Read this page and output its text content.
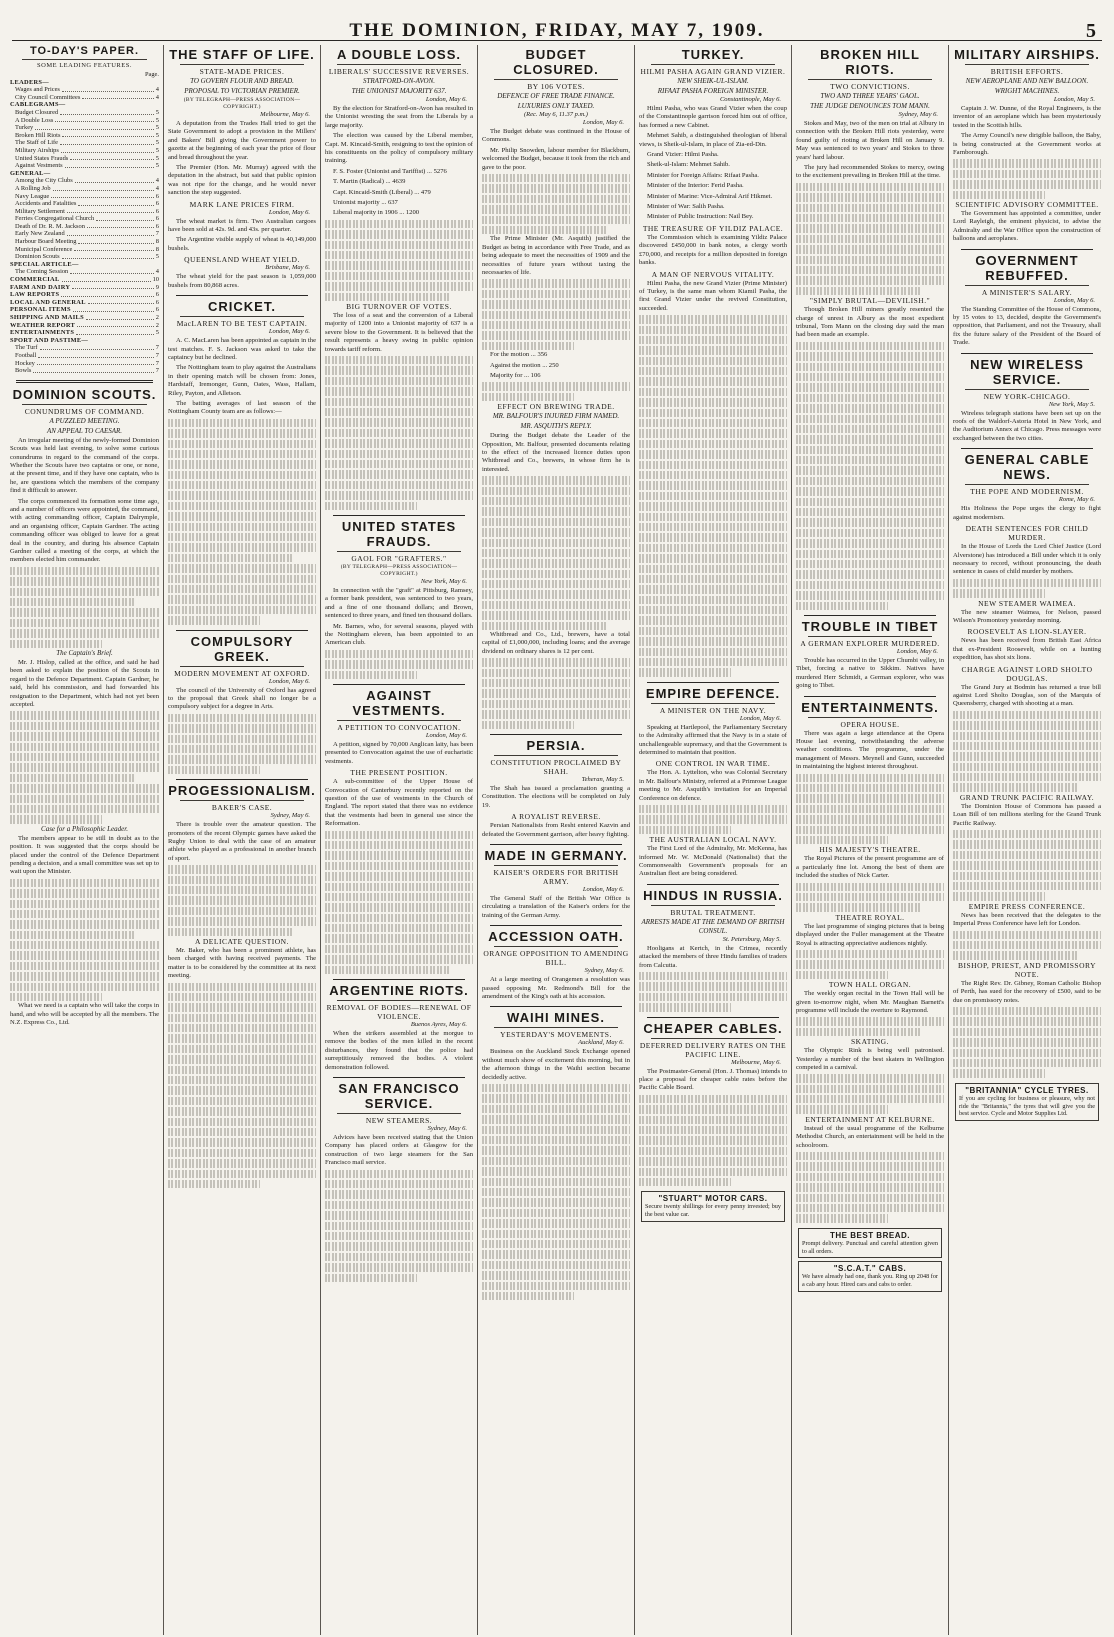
THE DOMINION, FRIDAY, MAY 7, 1909.	5
TO-DAY'S PAPER.
SOME LEADING FEATURES.
Page.
LEADERS—
Wages and Prices	4
City Council Committees	4
CABLEGRAMS—
Budget Closured	5
A Double Loss	5
Turkey	5
Broken Hill Riots	5
The Staff of Life	5
Military Airships	5
United States Frauds	5
Against Vestments	5
GENERAL—
Among the City Clubs	4
A Rolling Job	4
Navy League	6
Accidents and Fatalities	6
Military Settlement	6
Ferries Congregational Church	6
Death of Dr. R. M. Jackson	6
Early New Zealand	7
Harbour Board Meeting	8
Municipal Conference	8
Dominion Scouts	5
SPECIAL ARTICLE—
The Coming Session	4
COMMERCIAL	10
FARM AND DAIRY	9
LAW REPORTS	6
LOCAL AND GENERAL	6
PERSONAL ITEMS	6
SHIPPING AND MAILS	2
WEATHER REPORT	2
ENTERTAINMENTS	5
SPORT AND PASTIME—
The Turf	7
Football	7
Hockey	7
Bowls	7
DOMINION SCOUTS.
CONUNDRUMS OF COMMAND.
A PUZZLED MEETING.
AN APPEAL TO CAESAR.
An irregular meeting of the newly-formed Dominion Scouts was held last evening, to solve some curious conundrums in regard to the command of the corps. Whether the Scouts have two captains or one, or none, at the present time, and if they have one captain, who is he, are questions which the members of the company find it difficult to answer.
The corps commenced its formation some time ago, and a number of officers were appointed, the command, with acting commanding officer, Captain Dalrymple, and an organising officer, Captain Gardner. The acting commanding officer was obliged to leave for a great deal in the country, and during his absence Captain Gardner called a meeting of the corps, at which the members elected him commander.
The Captain's Brief.
Mr. J. Hislop, called at the office, and said he had been asked to explain the position of the Scouts in regard to the Defence Department. Captain Gardner, he said, held his commission, and had forwarded his resignation to the Department, which had not yet been accepted.
Case for a Philosophic Leader.
The members appear to be still in doubt as to the position. It was suggested that the corps should be placed under the control of the Defence Department pending a decision, and a small committee was set up to wait upon the Minister.
What we need is a captain who will take the corps in hand, and who will be accepted by all the members. The N.Z. Express Co., Ltd.
THE STAFF OF LIFE.
STATE-MADE PRICES.
TO GOVERN FLOUR AND BREAD.
PROPOSAL TO VICTORIAN PREMIER.
(BY TELEGRAPH—PRESS ASSOCIATION—COPYRIGHT.)
Melbourne, May 6.
A deputation from the Trades Hall tried to get the State Government to adopt a provision in the Millers' and Bakers' Bill giving the Government power to gazette at the beginning of each year the price of flour and bread throughout the year.
The Premier (Hon. Mr. Murray) agreed with the deputation in the abstract, but said that public opinion was not ripe for the change, and he would never sanction the step suggested.
MARK LANE PRICES FIRM.
London, May 6.
The wheat market is firm. Two Australian cargoes have been sold at 42s. 9d. and 43s. per quarter.
The Argentine visible supply of wheat is 40,149,000 bushels.
QUEENSLAND WHEAT YIELD.
Brisbane, May 6.
The wheat yield for the past season is 1,059,000 bushels from 80,868 acres.
CRICKET.
MacLAREN TO BE TEST CAPTAIN.
London, May 6.
A. C. MacLaren has been appointed as captain in the test matches. F. S. Jackson was asked to take the captaincy but he declined.
The Nottingham team to play against the Australians in their opening match will be chosen from: Jones, Hardstaff, Iremonger, Gunn, Oates, Wass, Hallam, Riley, Payton, and Alletson.
The batting averages of last season of the Nottingham County team are as follows:—
COMPULSORY GREEK.
MODERN MOVEMENT AT OXFORD.
London, May 6.
The council of the University of Oxford has agreed to the proposal that Greek shall no longer be a compulsory subject for a degree in Arts.
PROGESSIONALISM.
BAKER'S CASE.
Sydney, May 6.
There is trouble over the amateur question. The promoters of the recent Olympic games have asked the Rugby Union to deal with the case of an amateur athlete who played as a professional in another branch of sport.
A DELICATE QUESTION.
Mr. Baker, who has been a prominent athlete, has been charged with having received payments. The matter is to be considered by the committee at its next meeting.
A DOUBLE LOSS.
LIBERALS' SUCCESSIVE REVERSES.
STRATFORD-ON-AVON.
THE UNIONIST MAJORITY 637.
London, May 6.
By the election for Stratford-on-Avon has resulted in the Unionist wresting the seat from the Liberals by a large majority.
The election was caused by the Liberal member, Capt. M. Kincaid-Smith, resigning to test the opinion of his constituents on the policy of compulsory military training.
F. S. Foster (Unionist and Tariffist) ... 5276
T. Martin (Radical) ... 4639
Capt. Kincaid-Smith (Liberal) ... 479
Unionist majority ... 637
Liberal majority in 1906 ... 1200
BIG TURNOVER OF VOTES.
The loss of a seat and the conversion of a Liberal majority of 1200 into a Unionist majority of 637 is a severe blow to the Government. It is believed that the result represents a heavy swing in public opinion towards tariff reform.
UNITED STATES FRAUDS.
GAOL FOR "GRAFTERS."
(BY TELEGRAPH—PRESS ASSOCIATION—COPYRIGHT.)
New York, May 6.
In connection with the "graft" at Pittsburg, Ramsey, a former bank president, was sentenced to two years, and a fine of one thousand dollars; and Brown, sentenced to three years, and fined ten thousand dollars.
Mr. Barnes, who, for several seasons, played with the Nottingham eleven, has been appointed to an American club.
AGAINST VESTMENTS.
A PETITION TO CONVOCATION.
London, May 6.
A petition, signed by 70,000 Anglican laity, has been presented to Convocation against the use of eucharistic vestments.
THE PRESENT POSITION.
A sub-committee of the Upper House of Convocation of Canterbury recently reported on the question of the use of vestments in the Church of England. The report stated that there was no evidence that the vestments had been in general use since the Reformation.
ARGENTINE RIOTS.
REMOVAL OF BODIES—RENEWAL OF VIOLENCE.
Buenos Ayres, May 6.
When the strikers assembled at the morgue to remove the bodies of the men killed in the recent disturbances, they found that the police had surreptitiously removed the bodies. A violent demonstration followed.
SAN FRANCISCO SERVICE.
NEW STEAMERS.
Sydney, May 6.
Advices have been received stating that the Union Company has placed orders at Glasgow for the construction of two large steamers for the San Francisco mail service.
BUDGET CLOSURED.
BY 106 VOTES.
DEFENCE OF FREE TRADE FINANCE.
LUXURIES ONLY TAXED.
(Rec. May 6, 11.37 p.m.)
London, May 6.
The Budget debate was continued in the House of Commons.
Mr. Philip Snowden, labour member for Blackburn, welcomed the Budget, because it took from the rich and gave to the poor.
The Prime Minister (Mr. Asquith) justified the Budget as being in accordance with Free Trade, and as being adequate to meet the necessities of 1909 and the necessities of future years without taxing the necessaries of life.
For the motion ... 356
Against the motion ... 250
Majority for ... 106
EFFECT ON BREWING TRADE.
MR. BALFOUR'S INJURED FIRM NAMED.
MR. ASQUITH'S REPLY.
During the Budget debate the Leader of the Opposition, Mr. Balfour, presented documents relating to the effect of the increased licence duties upon Whitbread and Co., brewers, in whose firm he is interested.
Whitbread and Co., Ltd., brewers, have a total capital of £1,000,000, including loans; and the average dividend on ordinary shares is 12 per cent.
PERSIA.
CONSTITUTION PROCLAIMED BY SHAH.
Teheran, May 5.
The Shah has issued a proclamation granting a Constitution. The elections will be completed on July 19.
A ROYALIST REVERSE.
Persian Nationalists from Resht entered Kazvin and defeated the Government garrison, after heavy fighting.
MADE IN GERMANY.
KAISER'S ORDERS FOR BRITISH ARMY.
London, May 6.
The General Staff of the British War Office is circulating a translation of the Kaiser's orders for the training of the German Army.
ACCESSION OATH.
ORANGE OPPOSITION TO AMENDING BILL.
Sydney, May 6.
At a large meeting of Orangemen a resolution was passed opposing Mr. Redmond's Bill for the amendment of the King's oath at his accession.
WAIHI MINES.
YESTERDAY'S MOVEMENTS.
Auckland, May 6.
Business on the Auckland Stock Exchange opened without much show of excitement this morning, but in the afternoon things in the Waihi section became decidedly active.
TURKEY.
HILMI PASHA AGAIN GRAND VIZIER.
NEW SHEIK-UL-ISLAM.
RIFAAT PASHA FOREIGN MINISTER.
Constantinople, May 6.
Hilmi Pasha, who was Grand Vizier when the coup of the Constantinople garrison forced him out of office, has formed a new Cabinet.
Mehmet Sahib, a distinguished theologian of liberal views, is Sheik-ul-Islam, in place of Zia-ed-Din.
Grand Vizier: Hilmi Pasha.
Sheik-ul-Islam: Mehmet Sahib.
Minister for Foreign Affairs: Rifaat Pasha.
Minister of the Interior: Ferid Pasha.
Minister of Marine: Vice-Admiral Arif Hikmet.
Minister of War: Salih Pasha.
Minister of Public Instruction: Nail Bey.
THE TREASURE OF YILDIZ PALACE.
The Commission which is examining Yildiz Palace discovered £450,000 in bank notes, a clergy worth £70,000, and receipts for a million deposited in foreign banks.
A MAN OF NERVOUS VITALITY.
Hilmi Pasha, the new Grand Vizier (Prime Minister) of Turkey, is the same man whom Kiamil Pasha, the first Grand Vizier under the revived Constitution, succeeded.
EMPIRE DEFENCE.
A MINISTER ON THE NAVY.
London, May 6.
Speaking at Hartlepool, the Parliamentary Secretary to the Admiralty affirmed that the Navy is in a state of unchallengeable supremacy, and that the Government is determined to maintain that position.
ONE CONTROL IN WAR TIME.
The Hon. A. Lyttelton, who was Colonial Secretary in Mr. Balfour's Ministry, referred at a Primrose League meeting to Mr. Asquith's invitation for an Imperial Conference on defence.
THE AUSTRALIAN LOCAL NAVY.
The First Lord of the Admiralty, Mr. McKenna, has informed Mr. W. McDonald (Nationalist) that the Commonwealth Government's proposals for an Australian fleet are being considered.
HINDUS IN RUSSIA.
BRUTAL TREATMENT.
ARRESTS MADE AT THE DEMAND OF BRITISH CONSUL.
St. Petersburg, May 5.
Hooligans at Kertch, in the Crimea, recently attacked the members of three Hindu families of traders from Calcutta.
CHEAPER CABLES.
DEFERRED DELIVERY RATES ON THE PACIFIC LINE.
Melbourne, May 6.
The Postmaster-General (Hon. J. Thomas) intends to place a proposal for cheaper cable rates before the Pacific Cable Board.
"STUART" MOTOR CARS.
Secure twenty shillings for every penny invested; buy the best value car.
BROKEN HILL RIOTS.
TWO CONVICTIONS.
TWO AND THREE YEARS' GAOL.
THE JUDGE DENOUNCES TOM MANN.
Sydney, May 6.
Stokes and May, two of the men on trial at Albury in connection with the Broken Hill riots yesterday, were found guilty of rioting at Broken Hill on January 9. May was sentenced to two years' and Stokes to three years' hard labour.
The jury had recommended Stokes to mercy, owing to the excitement prevailing in Broken Hill at the time.
"SIMPLY BRUTAL—DEVILISH."
Though Broken Hill miners greatly resented the charge of unrest in Albury as the most expedient tribunal, Tom Mann on the closing day said the man had been made an example.
TROUBLE IN TIBET
A GERMAN EXPLORER MURDERED.
London, May 6.
Trouble has occurred in the Upper Chumbi valley, in Tibet, forcing a native to Sikkim. Natives have murdered Herr Schmidt, a German explorer, who was going to Tibet.
ENTERTAINMENTS.
OPERA HOUSE.
There was again a large attendance at the Opera House last evening, notwithstanding the adverse weather conditions. The programme, under the management of Messrs. Meynell and Gunn, succeeded in maintaining the highest interest throughout.
HIS MAJESTY'S THEATRE.
The Royal Pictures of the present programme are of a particularly fine lot. Among the best of them are included the studies of Nick Carter.
THEATRE ROYAL.
The last programme of singing pictures that is being displayed under the Fuller management at the Theatre Royal is attracting appreciative audiences nightly.
TOWN HALL ORGAN.
The weekly organ recital in the Town Hall will be given to-morrow night, when Mr. Maughan Barnett's programme will include the overture to Raymond.
SKATING.
The Olympic Rink is being well patronised. Yesterday a number of the best skaters in Wellington competed in a carnival.
ENTERTAINMENT AT KELBURNE.
Instead of the usual programme of the Kelburne Methodist Church, an entertainment will be held in the schoolroom.
THE BEST BREAD.
Prompt delivery. Punctual and careful attention given to all orders.
"S.C.A.T." CABS.
We have already had one, thank you. Ring up 2048 for a cab any hour. Hired cars and cabs to order.
MILITARY AIRSHIPS.
BRITISH EFFORTS.
NEW AEROPLANE AND NEW BALLOON.
WRIGHT MACHINES.
London, May 5.
Captain J. W. Dunne, of the Royal Engineers, is the inventor of an aeroplane which has been mysteriously tested in the Scottish hills.
The Army Council's new dirigible balloon, the Baby, is being constructed at the Government works at Farnborough.
SCIENTIFIC ADVISORY COMMITTEE.
The Government has appointed a committee, under Lord Rayleigh, the eminent physicist, to advise the Admiralty and the War Office upon the construction of balloons and aeroplanes.
GOVERNMENT REBUFFED.
A MINISTER'S SALARY.
London, May 6.
The Standing Committee of the House of Commons, by 15 votes to 13, decided, despite the Government's opposition, that Parliament, and not the Treasury, shall fix the future salary of the President of the Board of Trade.
NEW WIRELESS SERVICE.
NEW YORK-CHICAGO.
New York, May 5.
Wireless telegraph stations have been set up on the roofs of the Waldorf-Astoria Hotel in New York, and the Auditorium Annex at Chicago. Press messages were exchanged between the two cities.
GENERAL CABLE NEWS.
THE POPE AND MODERNISM.
Rome, May 6.
His Holiness the Pope urges the clergy to fight against modernism.
DEATH SENTENCES FOR CHILD MURDER.
In the House of Lords the Lord Chief Justice (Lord Alverstone) has introduced a Bill under which it is only necessary to record, without pronouncing, the death sentence in cases of child murder by mothers.
NEW STEAMER WAIMEA.
The new steamer Waimea, for Nelson, passed Wilson's Promontory yesterday morning.
ROOSEVELT AS LION-SLAYER.
News has been received from British East Africa that ex-President Roosevelt, while on a hunting expedition, has shot six lions.
CHARGE AGAINST LORD SHOLTO DOUGLAS.
The Grand Jury at Bodmin has returned a true bill against Lord Sholto Douglas, son of the Marquis of Queensberry, charged with shooting at a man.
GRAND TRUNK PACIFIC RAILWAY.
The Dominion House of Commons has passed a Loan Bill of ten millions sterling for the Grand Trunk Pacific Railway.
EMPIRE PRESS CONFERENCE.
News has been received that the delegates to the Imperial Press Conference have left for London.
BISHOP, PRIEST, AND PROMISSORY NOTE.
The Right Rev. Dr. Gibney, Roman Catholic Bishop of Perth, has sued for the recovery of £500, said to be due on promissory notes.
"BRITANNIA" CYCLE TYRES.
If you are cycling for business or pleasure, why not ride the "Britannia," the tyres that will give you the best service. Cycle and Motor Supplies Ltd.
